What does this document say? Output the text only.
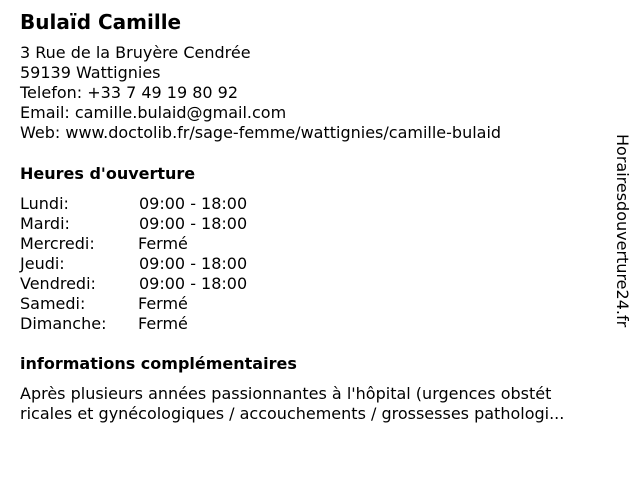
Bulaïd Camille
3 Rue de la Bruyère Cendrée
59139 Wattignies
Telefon: +33 7 49 19 80 92
Email: camille.bulaid@gmail.com
Web: www.doctolib.fr/sage-femme/wattignies/camille-bulaid
Heures d'ouverture
Lundi:	09:00 - 18:00
Mardi:	09:00 - 18:00
Mercredi:	Fermé
Jeudi:	09:00 - 18:00
Vendredi:	09:00 - 18:00
Samedi:	Fermé
Dimanche: Fermé
informations complémentaires
Après plusieurs années passionnantes à l'hôpital (urgences obstét
ricales et gynécologiques / accouchements / grossesses pathologi...
Horairesdouverture24.fr
